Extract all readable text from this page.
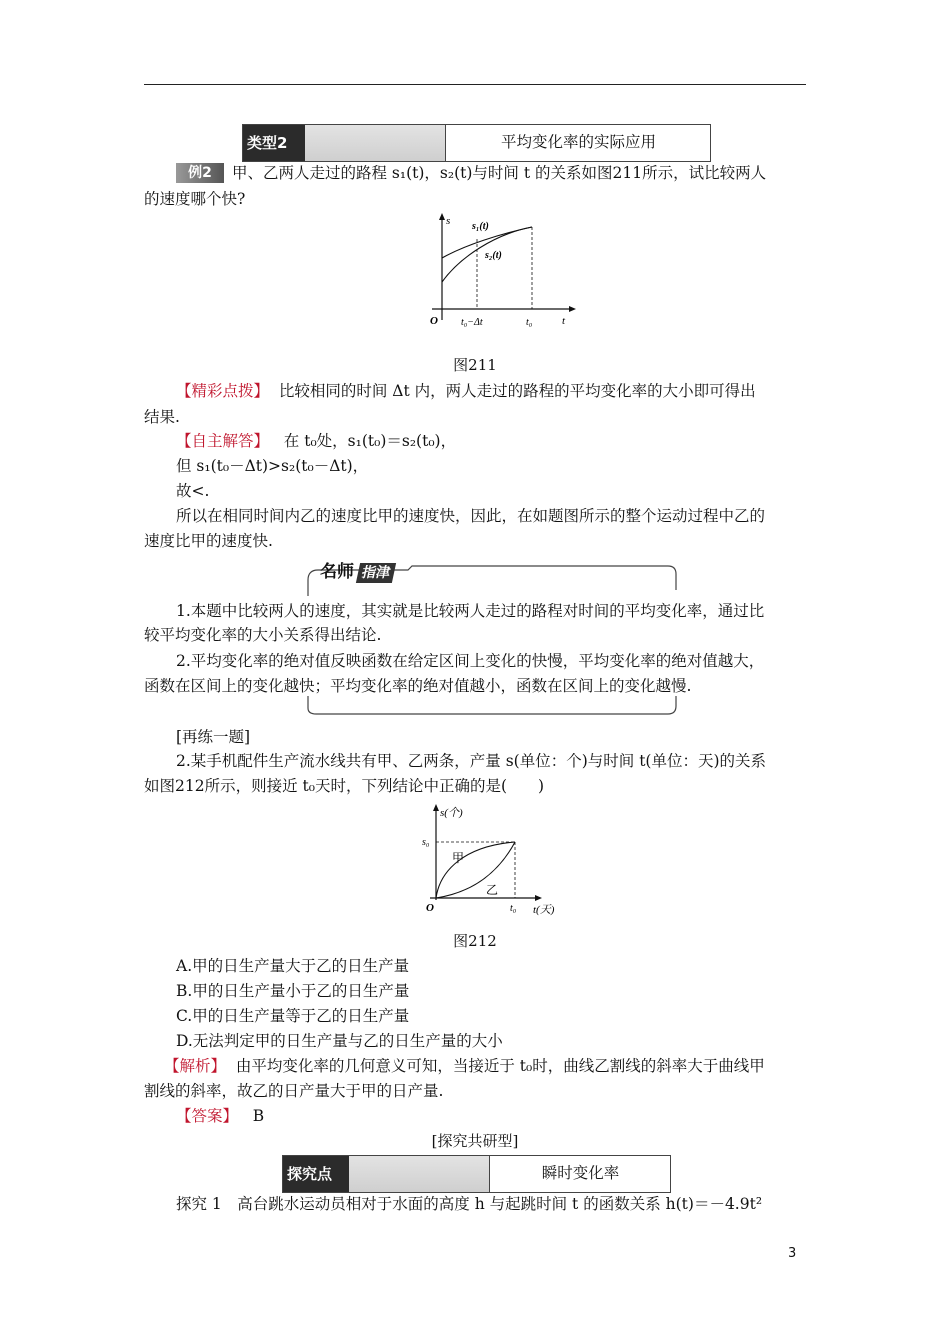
类型2	平均变化率的实际应用
例2	甲、乙两人走过的路程 s₁(t)，s₂(t)与时间 t 的关系如图211所示，试比较两人
的速度哪个快?
s
t
O
s₁(t)
s₂(t)
t₀−Δt	t₀
图211
【精彩点拨】 比较相同的时间 Δt 内，两人走过的路程的平均变化率的大小即可得出
结果.
【自主解答】 在 t₀处，s₁(t₀)＝s₂(t₀)，
但 s₁(t₀－Δt)>s₂(t₀－Δt)，
故<.
所以在相同时间内乙的速度比甲的速度快，因此，在如题图所示的整个运动过程中乙的
速度比甲的速度快.
名师 指津
1.本题中比较两人的速度，其实就是比较两人走过的路程对时间的平均变化率，通过比
较平均变化率的大小关系得出结论.
2.平均变化率的绝对值反映函数在给定区间上变化的快慢，平均变化率的绝对值越大，
函数在区间上的变化越快；平均变化率的绝对值越小，函数在区间上的变化越慢.
[再练一题]
2.某手机配件生产流水线共有甲、乙两条，产量 s(单位：个)与时间 t(单位：天)的关系
如图212所示，则接近 t₀天时，下列结论中正确的是(　　)
s(个)
t(天)
O
s₀
t₀
甲
乙
图212
A.甲的日生产量大于乙的日生产量
B.甲的日生产量小于乙的日生产量
C.甲的日生产量等于乙的日生产量
D.无法判定甲的日生产量与乙的日生产量的大小
【解析】 由平均变化率的几何意义可知，当接近于 t₀时，曲线乙割线的斜率大于曲线甲
割线的斜率，故乙的日产量大于甲的日产量.
【答案】 B
[探究共研型]
探究点	瞬时变化率
探究 1　高台跳水运动员相对于水面的高度 h 与起跳时间 t 的函数关系 h(t)＝－4.9t²
3
